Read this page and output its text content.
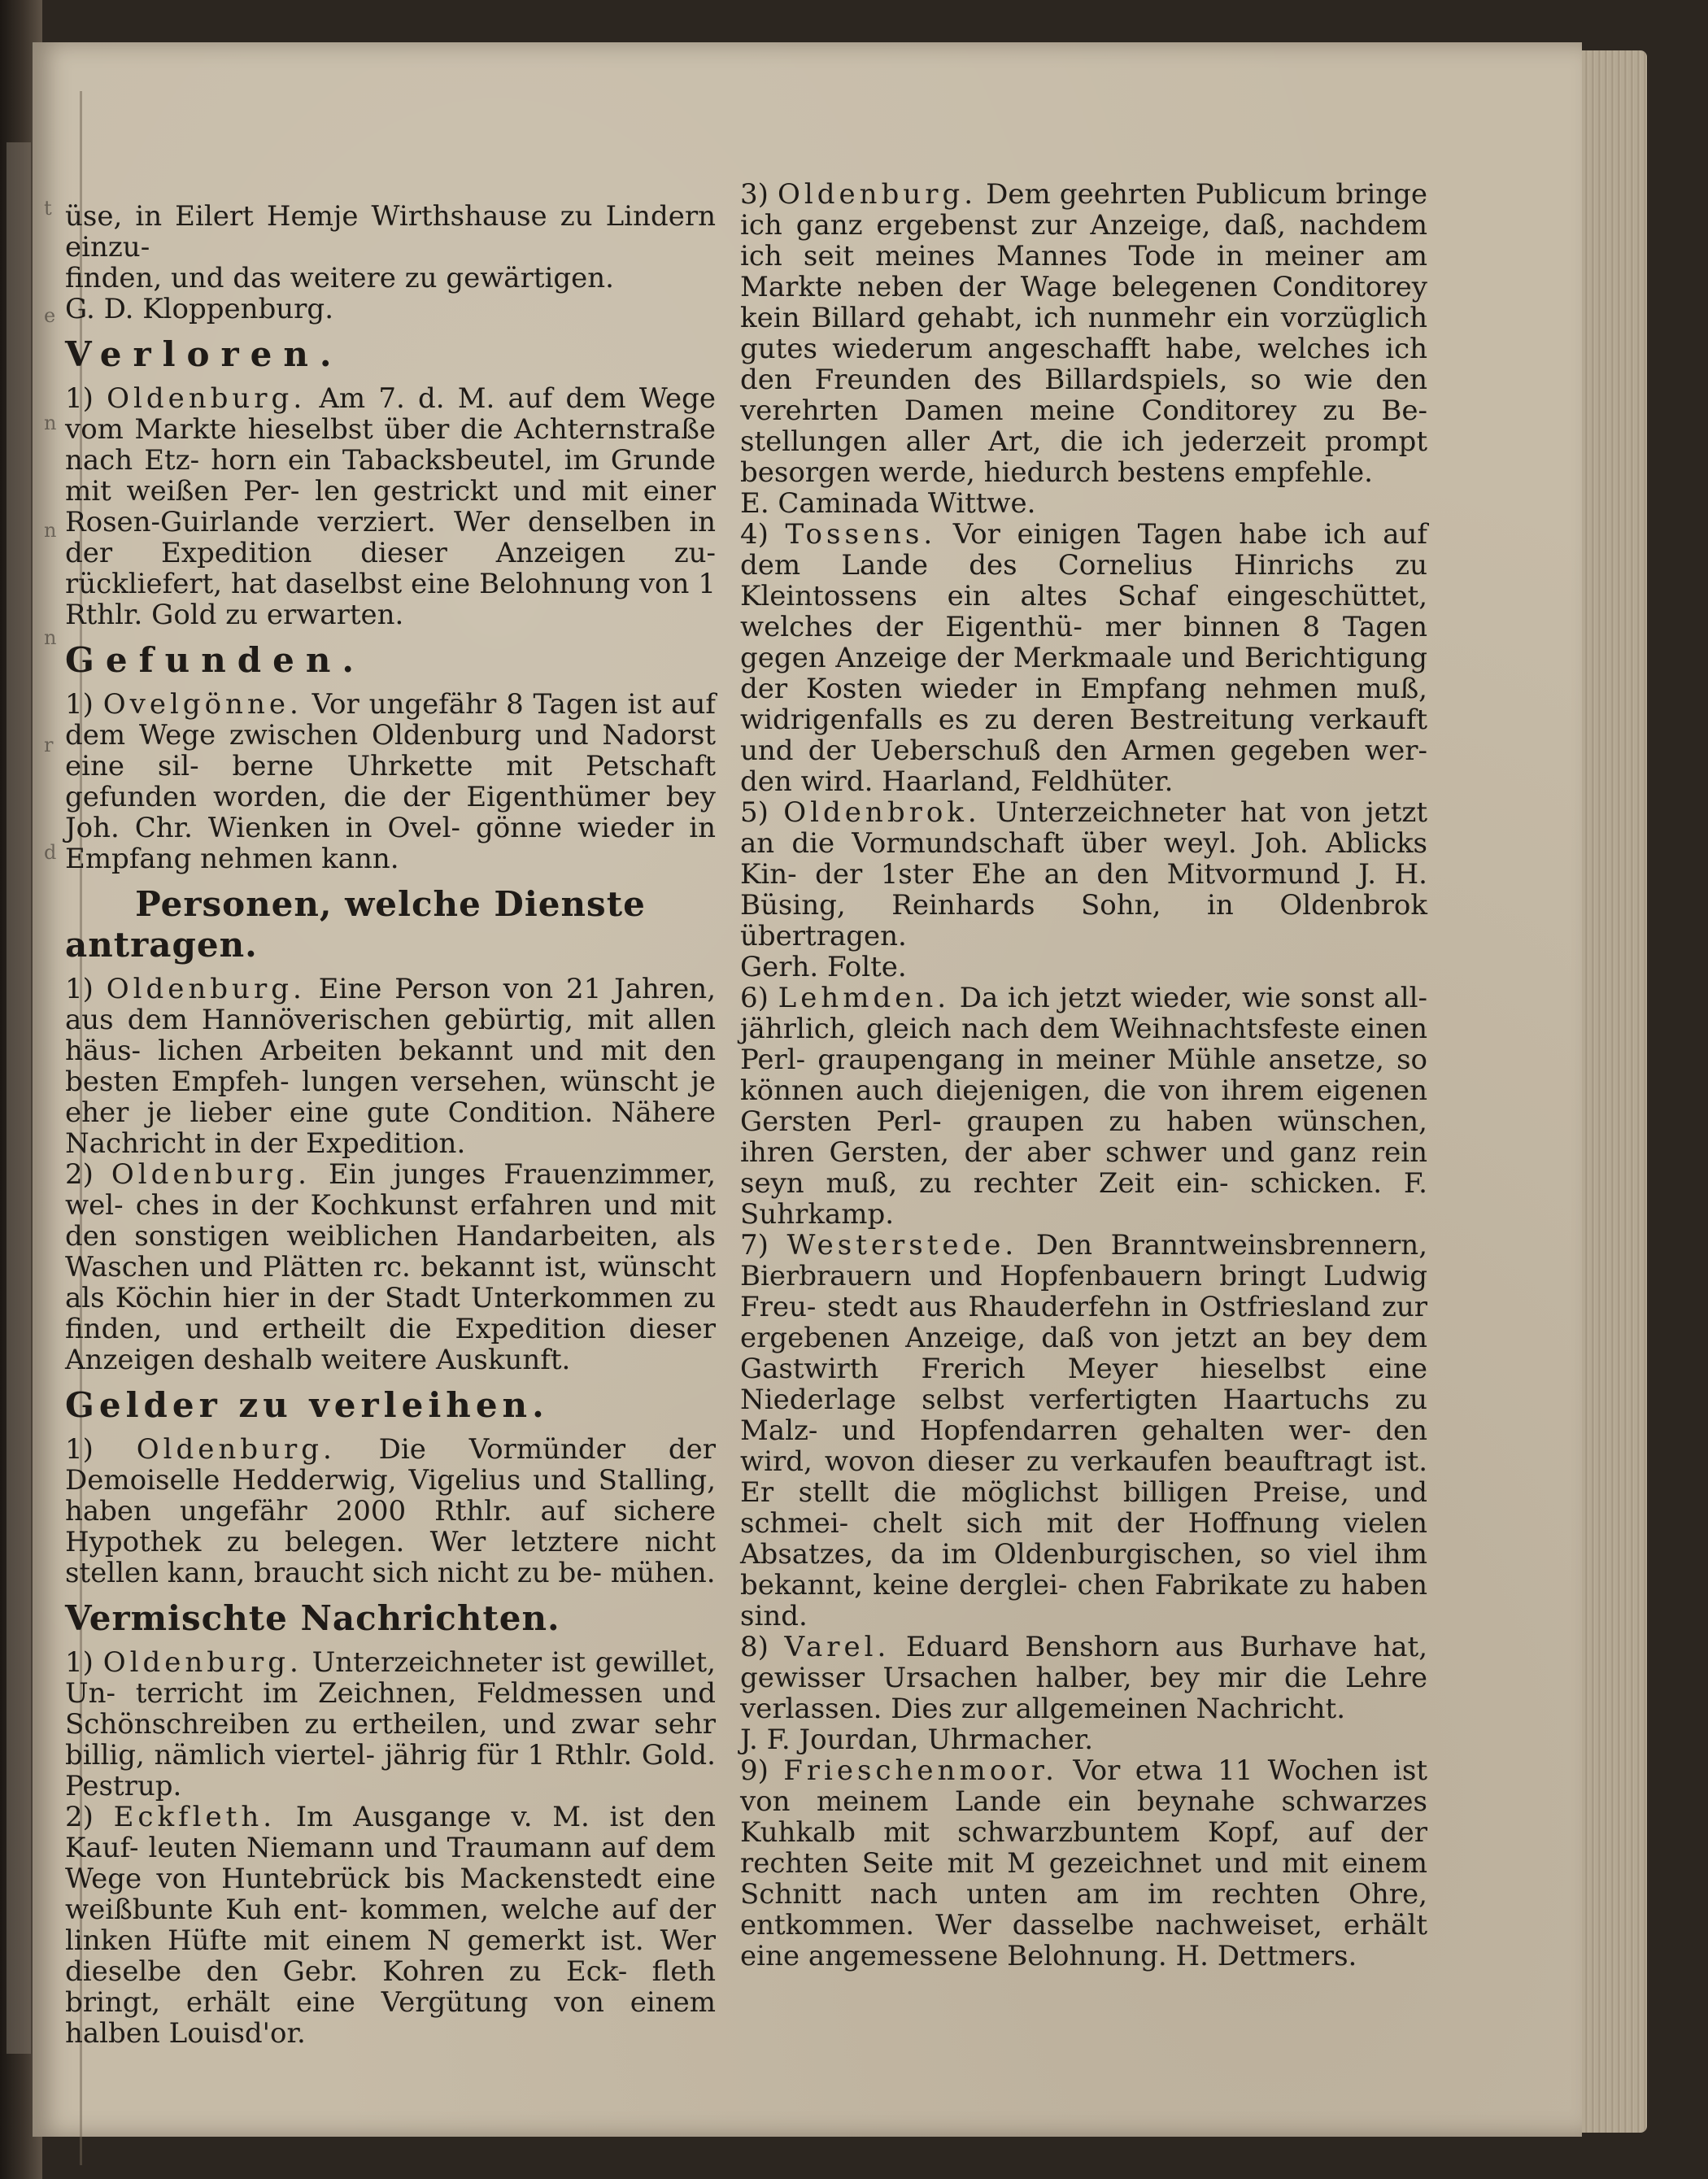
t
e
n
n
n
r
d

üse, in Eilert Hemje Wirthshause zu Lindern einzu-

finden, und das weitere zu gewärtigen.

G. D. Kloppenburg.

Verloren.

1) Oldenburg. Am 7. d. M. auf dem Wege vom Markte hieselbst über die Achternstraße nach Etz- horn ein Tabacksbeutel, im Grunde mit weißen Per- len gestrickt und mit einer Rosen-Guirlande verziert. Wer denselben in der Expedition dieser Anzeigen zu- rückliefert, hat daselbst eine Belohnung von 1 Rthlr. Gold zu erwarten.

Gefunden.

1) Ovelgönne. Vor ungefähr 8 Tagen ist auf dem Wege zwischen Oldenburg und Nadorst eine sil- berne Uhrkette mit Petschaft gefunden worden, die der Eigenthümer bey Joh. Chr. Wienken in Ovel- gönne wieder in Empfang nehmen kann.

Personen, welche Dienste antragen.

1) Oldenburg. Eine Person von 21 Jahren, aus dem Hannöverischen gebürtig, mit allen häus- lichen Arbeiten bekannt und mit den besten Empfeh- lungen versehen, wünscht je eher je lieber eine gute Condition. Nähere Nachricht in der Expedition.

2) Oldenburg. Ein junges Frauenzimmer, wel- ches in der Kochkunst erfahren und mit den sonstigen weiblichen Handarbeiten, als Waschen und Plätten rc. bekannt ist, wünscht als Köchin hier in der Stadt Unterkommen zu finden, und ertheilt die Expedition dieser Anzeigen deshalb weitere Auskunft.

Gelder zu verleihen.

1) Oldenburg. Die Vormünder der Demoiselle Hedderwig, Vigelius und Stalling, haben ungefähr 2000 Rthlr. auf sichere Hypothek zu belegen. Wer letztere nicht stellen kann, braucht sich nicht zu be- mühen.

Vermischte Nachrichten.

1) Oldenburg. Unterzeichneter ist gewillet, Un- terricht im Zeichnen, Feldmessen und Schönschreiben zu ertheilen, und zwar sehr billig, nämlich viertel- jährig für 1 Rthlr. Gold. Pestrup.

2) Eckfleth. Im Ausgange v. M. ist den Kauf- leuten Niemann und Traumann auf dem Wege von Huntebrück bis Mackenstedt eine weißbunte Kuh ent- kommen, welche auf der linken Hüfte mit einem N gemerkt ist. Wer dieselbe den Gebr. Kohren zu Eck- fleth bringt, erhält eine Vergütung von einem halben Louisd'or.

3) Oldenburg. Dem geehrten Publicum bringe ich ganz ergebenst zur Anzeige, daß, nachdem ich seit meines Mannes Tode in meiner am Markte neben der Wage belegenen Conditorey kein Billard gehabt, ich nunmehr ein vorzüglich gutes wiederum angeschafft habe, welches ich den Freunden des Billardspiels, so wie den verehrten Damen meine Conditorey zu Be- stellungen aller Art, die ich jederzeit prompt besorgen werde, hiedurch bestens empfehle.

E. Caminada Wittwe.

4) Tossens. Vor einigen Tagen habe ich auf dem Lande des Cornelius Hinrichs zu Kleintossens ein altes Schaf eingeschüttet, welches der Eigenthü- mer binnen 8 Tagen gegen Anzeige der Merkmaale und Berichtigung der Kosten wieder in Empfang nehmen muß, widrigenfalls es zu deren Bestreitung verkauft und der Ueberschuß den Armen gegeben wer- den wird. Haarland, Feldhüter.

5) Oldenbrok. Unterzeichneter hat von jetzt an die Vormundschaft über weyl. Joh. Ablicks Kin- der 1ster Ehe an den Mitvormund J. H. Büsing, Reinhards Sohn, in Oldenbrok übertragen.

Gerh. Folte.

6) Lehmden. Da ich jetzt wieder, wie sonst all- jährlich, gleich nach dem Weihnachtsfeste einen Perl- graupengang in meiner Mühle ansetze, so können auch diejenigen, die von ihrem eigenen Gersten Perl- graupen zu haben wünschen, ihren Gersten, der aber schwer und ganz rein seyn muß, zu rechter Zeit ein- schicken. F. Suhrkamp.

7) Westerstede. Den Branntweinsbrennern, Bierbrauern und Hopfenbauern bringt Ludwig Freu- stedt aus Rhauderfehn in Ostfriesland zur ergebenen Anzeige, daß von jetzt an bey dem Gastwirth Frerich Meyer hieselbst eine Niederlage selbst verfertigten Haartuchs zu Malz- und Hopfendarren gehalten wer- den wird, wovon dieser zu verkaufen beauftragt ist. Er stellt die möglichst billigen Preise, und schmei- chelt sich mit der Hoffnung vielen Absatzes, da im Oldenburgischen, so viel ihm bekannt, keine derglei- chen Fabrikate zu haben sind.

8) Varel. Eduard Benshorn aus Burhave hat, gewisser Ursachen halber, bey mir die Lehre verlassen. Dies zur allgemeinen Nachricht.

J. F. Jourdan, Uhrmacher.

9) Frieschenmoor. Vor etwa 11 Wochen ist von meinem Lande ein beynahe schwarzes Kuhkalb mit schwarzbuntem Kopf, auf der rechten Seite mit M gezeichnet und mit einem Schnitt nach unten am im rechten Ohre, entkommen. Wer dasselbe nachweiset, erhält eine angemessene Belohnung. H. Dettmers.
